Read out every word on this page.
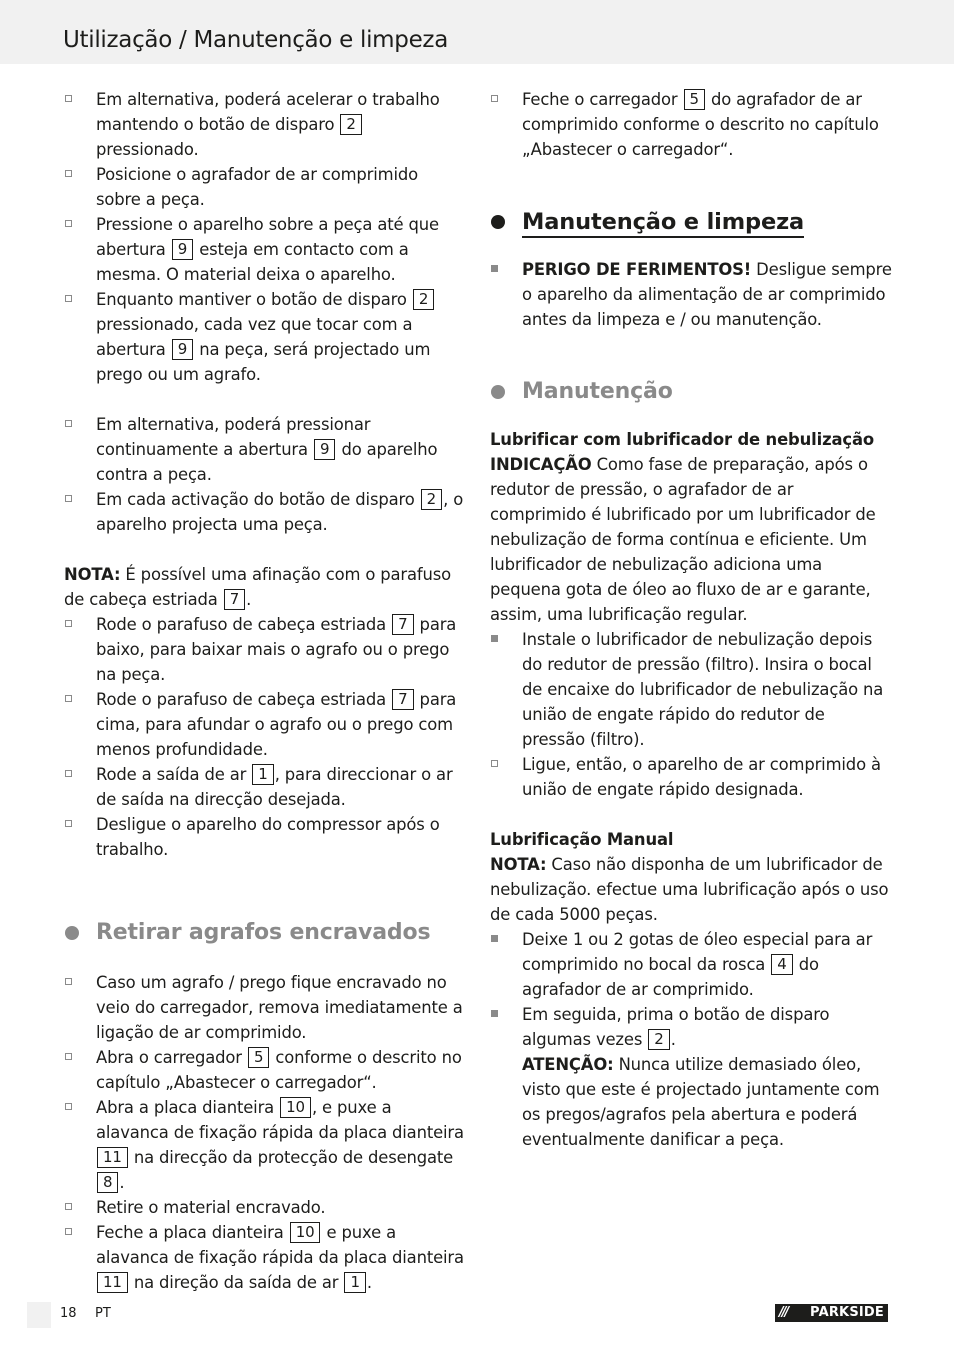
Utilização / Manutenção e limpeza
Em alternativa, poderá acelerar o trabalho mantendo o botão de disparo 2 pressionado.
Posicione o agrafador de ar comprimido sobre a peça.
Pressione o aparelho sobre a peça até que abertura 9 esteja em contacto com a mesma. O material deixa o aparelho.
Enquanto mantiver o botão de disparo 2 pressionado, cada vez que tocar com a abertura 9 na peça, será projectado um prego ou um agrafo.
Em alternativa, poderá pressionar continuamente a abertura 9 do aparelho contra a peça.
Em cada activação do botão de disparo 2 , o aparelho projecta uma peça.

NOTA: É possível uma afinação com o parafuso de cabeça estriada 7 .

Rode o parafuso de cabeça estriada 7 para baixo, para baixar mais o agrafo ou o prego na peça.
Rode o parafuso de cabeça estriada 7 para cima, para afundar o agrafo ou o prego com menos profundidade.
Rode a saída de ar 1 , para direccionar o ar de saída na direcção desejada.
Desligue o aparelho do compressor após o trabalho.
Retirar agrafos encravados
Caso um agrafo / prego fique encravado no veio do carregador, remova imediatamente a ligação de ar comprimido.
Abra o carregador 5 conforme o descrito no capítulo „Abastecer o carregador“.
Abra a placa dianteira 10 , e puxe a alavanca de fixação rápida da placa dianteira 11 na direcção da protecção de desengate 8 .
Retire o material encravado.
Feche a placa dianteira 10 e puxe a alavanca de fixação rápida da placa dianteira 11 na direção da saída de ar 1 .
Feche o carregador 5 do agrafador de ar comprimido conforme o descrito no capítulo „Abastecer o carregador“.
Manutenção e limpeza
PERIGO DE FERIMENTOS! Desligue sempre o aparelho da alimentação de ar comprimido antes da limpeza e / ou manutenção.
Manutenção
Lubrificar com lubrificador de nebulização

INDICAÇÃO Como fase de preparação, após o redutor de pressão, o agrafador de ar comprimido é lubrificado por um lubrificador de nebulização de forma contínua e eficiente. Um lubrificador de nebulização adiciona uma pequena gota de óleo ao fluxo de ar e garante, assim, uma lubrificação regular.

Instale o lubrificador de nebulização depois do redutor de pressão (filtro). Insira o bocal de encaixe do lubrificador de nebulização na união de engate rápido do redutor de pressão (filtro).
Ligue, então, o aparelho de ar comprimido à união de engate rápido designada.
Lubrificação Manual

NOTA: Caso não disponha de um lubrificador de nebulização. efectue uma lubrificação após o uso de cada 5000 peças.

Deixe 1 ou 2 gotas de óleo especial para ar comprimido no bocal da rosca 4 do agrafador de ar comprimido.
Em seguida, prima o botão de disparo algumas vezes 2 .
ATENÇÃO: Nunca utilize demasiado óleo, visto que este é projectado juntamente com os pregos/agrafos pela abertura e poderá eventualmente danificar a peça.
18 PT	/// PARKSIDE
